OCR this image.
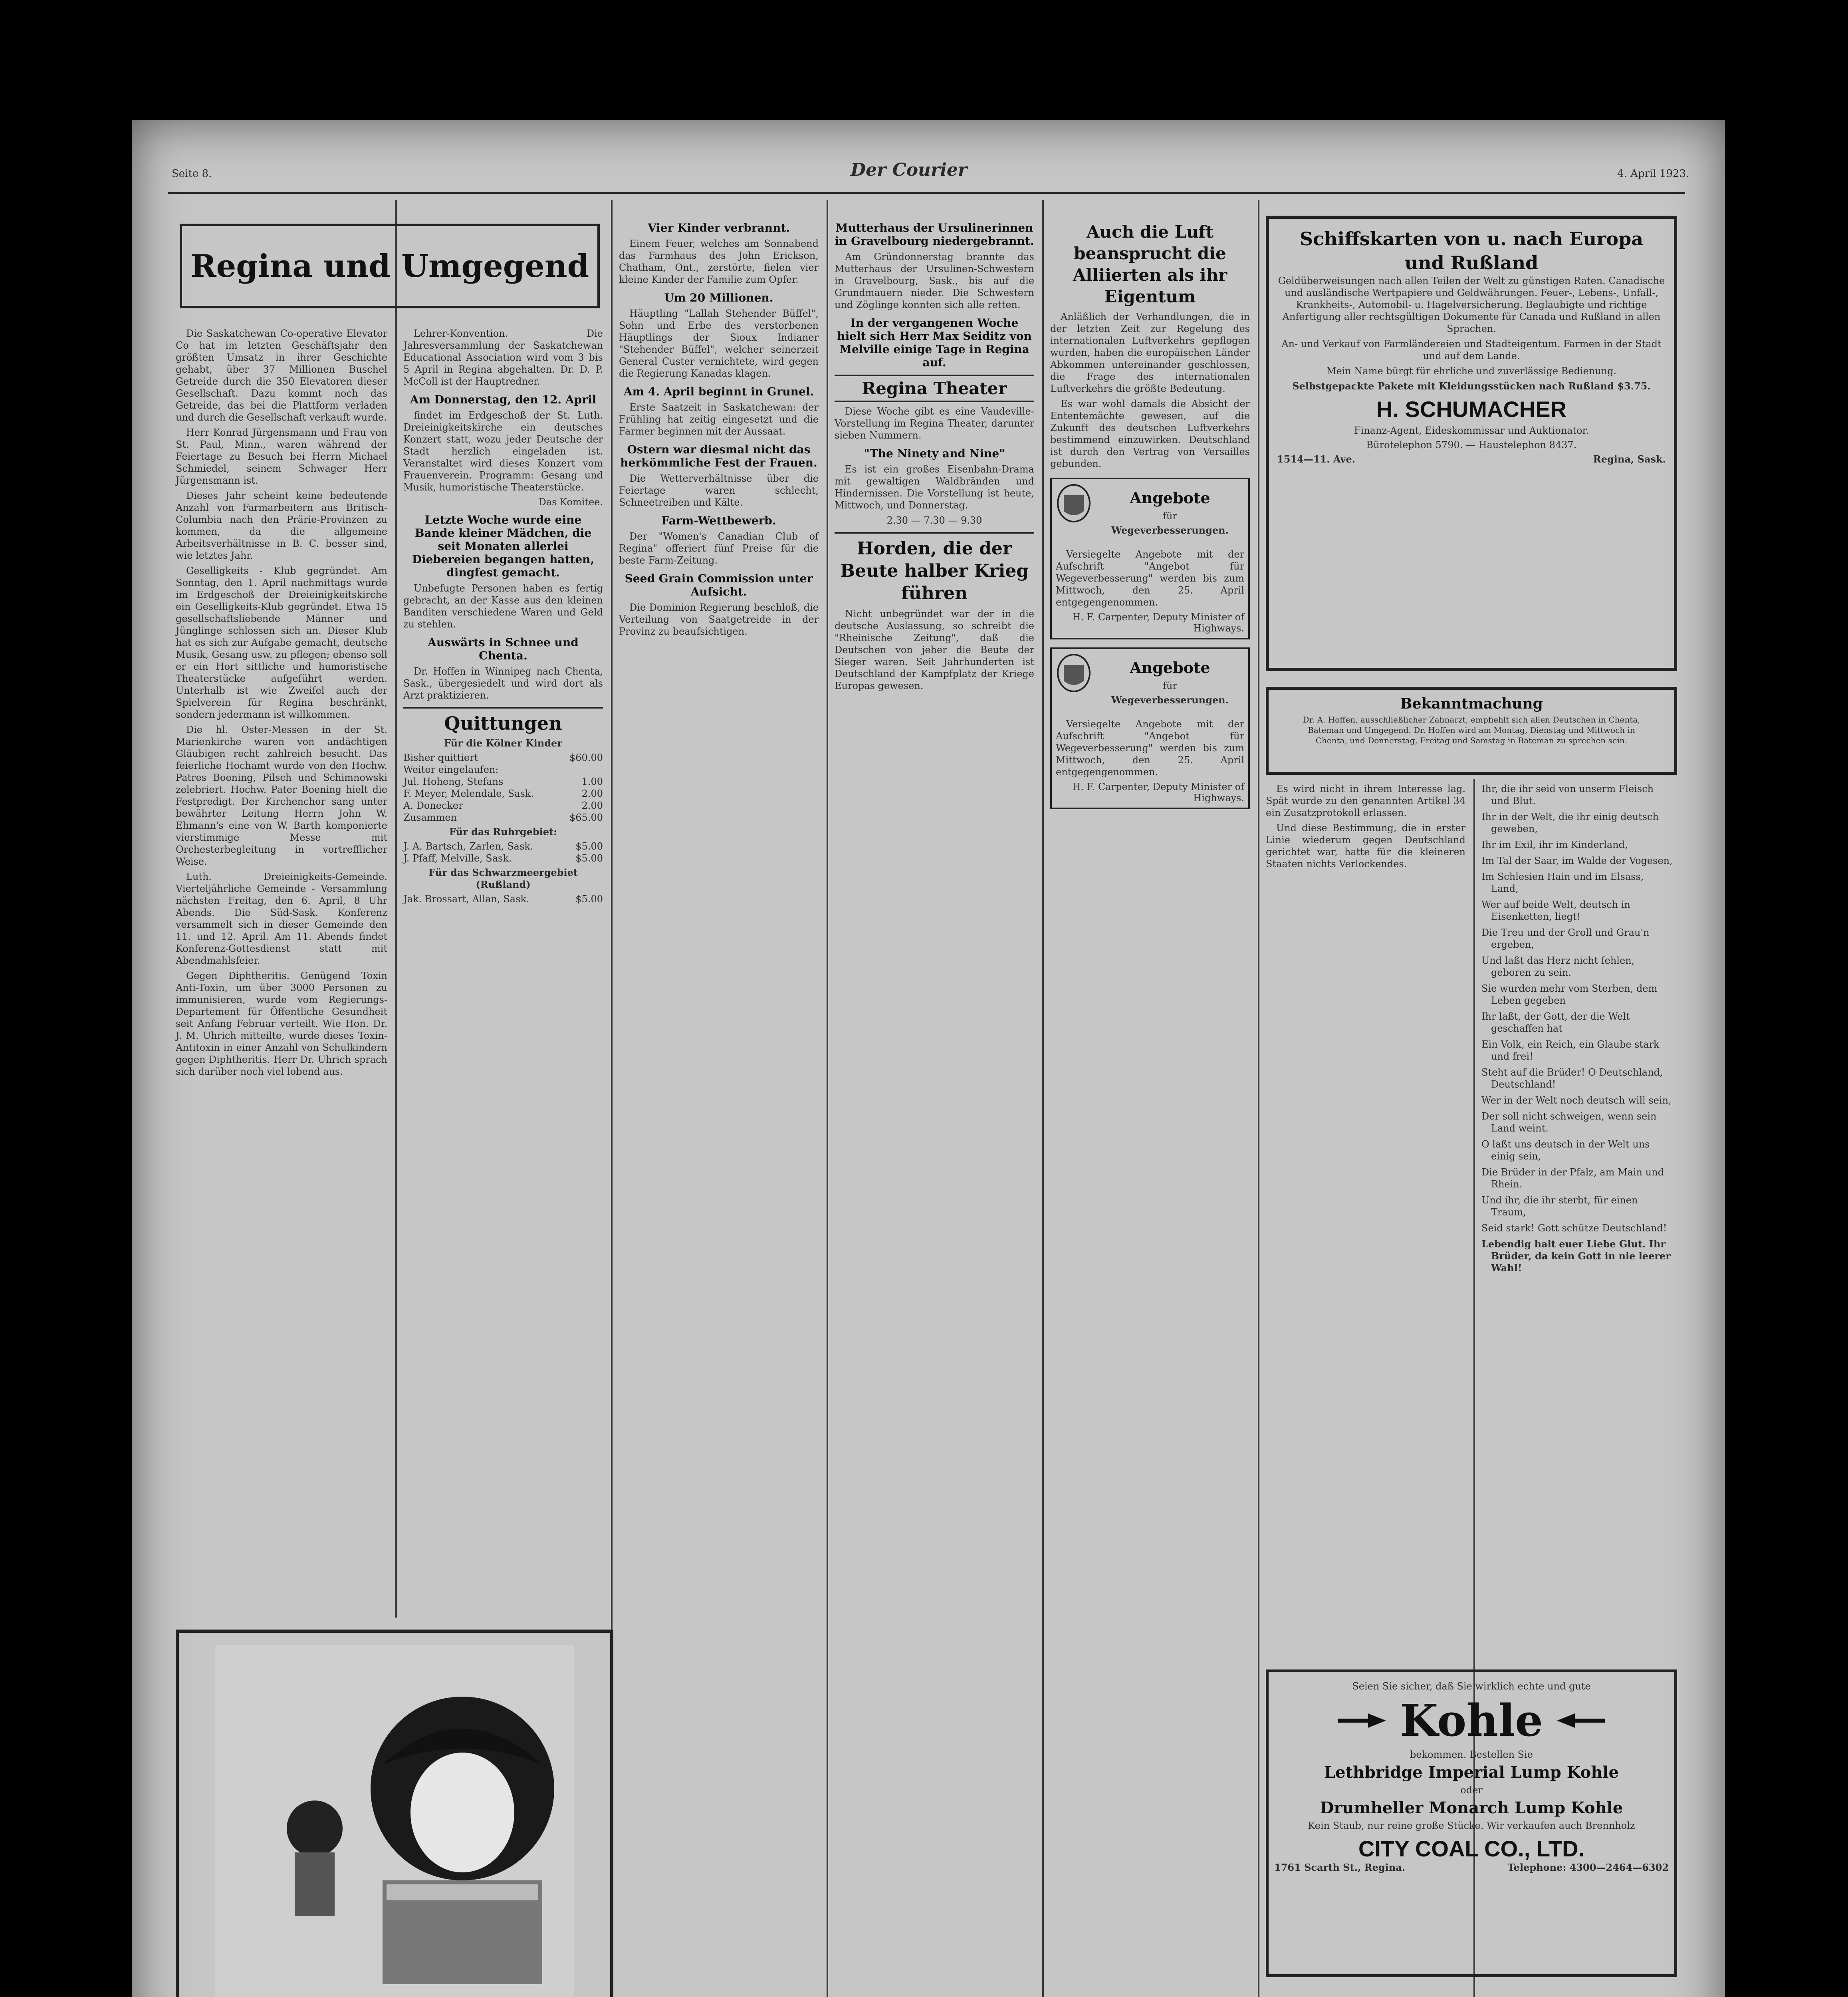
Seite 8.	Der Courier	4. April 1923.
Regina und Umgegend

Die Saskatchewan Co-operative Elevator Co hat im letzten Geschäftsjahr den größten Umsatz in ihrer Geschichte gehabt, über 37 Millionen Buschel Getreide durch die 350 Elevatoren dieser Gesellschaft. Dazu kommt noch das Getreide, das bei die Plattform verladen und durch die Gesellschaft verkauft wurde.

Herr Konrad Jürgensmann und Frau von St. Paul, Minn., waren während der Feiertage zu Besuch bei Herrn Michael Schmiedel, seinem Schwager Herr Jürgensmann ist.

Dieses Jahr scheint keine bedeutende Anzahl von Farmarbeitern aus Britisch-Columbia nach den Prärie-Provinzen zu kommen, da die allgemeine Arbeitsverhältnisse in B. C. besser sind, wie letztes Jahr.

Geselligkeits - Klub gegründet. Am Sonntag, den 1. April nachmittags wurde im Erdgeschoß der Dreieinigkeitskirche ein Geselligkeits-Klub gegründet. Etwa 15 gesellschaftsliebende Männer und Jünglinge schlossen sich an. Dieser Klub hat es sich zur Aufgabe gemacht, deutsche Musik, Gesang usw. zu pflegen; ebenso soll er ein Hort sittliche und humoristische Theaterstücke aufgeführt werden. Unterhalb ist wie Zweifel auch der Spielverein für Regina beschränkt, sondern jedermann ist willkommen.

Die hl. Oster-Messen in der St. Marienkirche waren von andächtigen Gläubigen recht zahlreich besucht. Das feierliche Hochamt wurde von den Hochw. Patres Boening, Pilsch und Schimnowski zelebriert. Hochw. Pater Boening hielt die Festpredigt. Der Kirchenchor sang unter bewährter Leitung Herrn John W. Ehmann's eine von W. Barth komponierte vierstimmige Messe mit Orchesterbegleitung in vortrefflicher Weise.

Luth. Dreieinigkeits-Gemeinde. Vierteljährliche Gemeinde - Versammlung nächsten Freitag, den 6. April, 8 Uhr Abends. Die Süd-Sask. Konferenz versammelt sich in dieser Gemeinde den 11. und 12. April. Am 11. Abends findet Konferenz-Gottesdienst statt mit Abendmahlsfeier.

Gegen Diphtheritis. Genügend Toxin Anti-Toxin, um über 3000 Personen zu immunisieren, wurde vom Regierungs-Departement für Öffentliche Gesundheit seit Anfang Februar verteilt. Wie Hon. Dr. J. M. Uhrich mitteilte, wurde dieses Toxin-Antitoxin in einer Anzahl von Schulkindern gegen Diphtheritis. Herr Dr. Uhrich sprach sich darüber noch viel lobend aus.

Lehrer-Konvention. Die Jahresversammlung der Saskatchewan Educational Association wird vom 3 bis 5 April in Regina abgehalten. Dr. D. P. McColl ist der Hauptredner.

Am Donnerstag, den 12. April

findet im Erdgeschoß der St. Luth. Dreieinigkeitskirche ein deutsches Konzert statt, wozu jeder Deutsche der Stadt herzlich eingeladen ist. Veranstaltet wird dieses Konzert vom Frauenverein. Programm: Gesang und Musik, humoristische Theaterstücke.

Das Komitee.
Letzte Woche wurde eine Bande kleiner Mädchen, die seit Monaten allerlei Diebereien begangen hatten, dingfest gemacht.

Unbefugte Personen haben es fertig gebracht, an der Kasse aus den kleinen Banditen verschiedene Waren und Geld zu stehlen.

Auswärts in Schnee und Chenta.

Dr. Hoffen in Winnipeg nach Chenta, Sask., übergesiedelt und wird dort als Arzt praktizieren.

Quittungen
Für die Kölner Kinder
Bisher quittiert	$60.00
Weiter eingelaufen:
Jul. Hoheng, Stefans	1.00
F. Meyer, Melendale, Sask.	2.00
A. Donecker	2.00
Zusammen	$65.00
Für das Ruhrgebiet:
J. A. Bartsch, Zarlen, Sask.	$5.00
J. Pfaff, Melville, Sask.	$5.00
Für das Schwarzmeergebiet (Rußland)
Jak. Brossart, Allan, Sask.	$5.00
Vier Kinder verbrannt.

Einem Feuer, welches am Sonnabend das Farmhaus des John Erickson, Chatham, Ont., zerstörte, fielen vier kleine Kinder der Familie zum Opfer.

Um 20 Millionen.

Häuptling "Lallah Stehender Büffel", Sohn und Erbe des verstorbenen Häuptlings der Sioux Indianer "Stehender Büffel", welcher seinerzeit General Custer vernichtete, wird gegen die Regierung Kanadas klagen.

Am 4. April beginnt in Grunel.

Erste Saatzeit in Saskatchewan: der Frühling hat zeitig eingesetzt und die Farmer beginnen mit der Aussaat.

Ostern war diesmal nicht das herkömmliche Fest der Frauen.

Die Wetterverhältnisse über die Feiertage waren schlecht, Schneetreiben und Kälte.

Farm-Wettbewerb.

Der "Women's Canadian Club of Regina" offeriert fünf Preise für die beste Farm-Zeitung.

Seed Grain Commission unter Aufsicht.

Die Dominion Regierung beschloß, die Verteilung von Saatgetreide in der Provinz zu beaufsichtigen.

Mutterhaus der Ursulinerinnen in Gravelbourg niedergebrannt.

Am Gründonnerstag brannte das Mutterhaus der Ursulinen-Schwestern in Gravelbourg, Sask., bis auf die Grundmauern nieder. Die Schwestern und Zöglinge konnten sich alle retten.

In der vergangenen Woche hielt sich Herr Max Seiditz von Melville einige Tage in Regina auf.
Regina Theater

Diese Woche gibt es eine Vaudeville-Vorstellung im Regina Theater, darunter sieben Nummern.

"The Ninety and Nine"

Es ist ein großes Eisenbahn-Drama mit gewaltigen Waldbränden und Hindernissen. Die Vorstellung ist heute, Mittwoch, und Donnerstag.

2.30 — 7.30 — 9.30
Horden, die der Beute halber Krieg führen

Nicht unbegründet war der in die deutsche Auslassung, so schreibt die "Rheinische Zeitung", daß die Deutschen von jeher die Beute der Sieger waren. Seit Jahrhunderten ist Deutschland der Kampfplatz der Kriege Europas gewesen.

Auch die Luft beansprucht die Alliierten als ihr Eigentum

Anläßlich der Verhandlungen, die in der letzten Zeit zur Regelung des internationalen Luftverkehrs gepflogen wurden, haben die europäischen Länder Abkommen untereinander geschlossen, die Frage des internationalen Luftverkehrs die größte Bedeutung.

Es war wohl damals die Absicht der Ententemächte gewesen, auf die Zukunft des deutschen Luftverkehrs bestimmend einzuwirken. Deutschland ist durch den Vertrag von Versailles gebunden.

Angebote
für
Wegeverbesserungen.

Versiegelte Angebote mit der Aufschrift "Angebot für Wegeverbesserung" werden bis zum Mittwoch, den 25. April entgegengenommen.

H. F. Carpenter, Deputy Minister of Highways.
Angebote
für
Wegeverbesserungen.

Versiegelte Angebote mit der Aufschrift "Angebot für Wegeverbesserung" werden bis zum Mittwoch, den 25. April entgegengenommen.

H. F. Carpenter, Deputy Minister of Highways.
Schiffskarten von u. nach Europa und Rußland

Geldüberweisungen nach allen Teilen der Welt zu günstigen Raten. Canadische und ausländische Wertpapiere und Geldwährungen. Feuer-, Lebens-, Unfall-, Krankheits-, Automobil- u. Hagelversicherung. Beglaubigte und richtige Anfertigung aller rechtsgültigen Dokumente für Canada und Rußland in allen Sprachen.

An- und Verkauf von Farmländereien und Stadteigentum. Farmen in der Stadt und auf dem Lande.

Mein Name bürgt für ehrliche und zuverlässige Bedienung.

Selbstgepackte Pakete mit Kleidungsstücken nach Rußland $3.75.

H. SCHUMACHER
Finanz-Agent, Eideskommissar und Auktionator.
Bürotelephon 5790. — Haustelephon 8437.
1514—11. Ave.	Regina, Sask.
Bekanntmachung

Dr. A. Hoffen, ausschließlicher Zahnarzt, empfiehlt sich allen Deutschen in Chenta, Bateman und Umgegend. Dr. Hoffen wird am Montag, Dienstag und Mittwoch in Chenta, und Donnerstag, Freitag und Samstag in Bateman zu sprechen sein.

Es wird nicht in ihrem Interesse lag. Spät wurde zu den genannten Artikel 34 ein Zusatzprotokoll erlassen.

Und diese Bestimmung, die in erster Linie wiederum gegen Deutschland gerichtet war, hatte für die kleineren Staaten nichts Verlockendes.

Ihr, die ihr seid von unserm Fleisch und Blut.

Ihr in der Welt, die ihr einig deutsch geweben,

Ihr im Exil, ihr im Kinderland,

Im Tal der Saar, im Walde der Vogesen,

Im Schlesien Hain und im Elsass, Land,

Wer auf beide Welt, deutsch in Eisenketten, liegt!

Die Treu und der Groll und Grau'n ergeben,

Und laßt das Herz nicht fehlen, geboren zu sein.

Sie wurden mehr vom Sterben, dem Leben gegeben

Ihr laßt, der Gott, der die Welt geschaffen hat

Ein Volk, ein Reich, ein Glaube stark und frei!

Steht auf die Brüder! O Deutschland, Deutschland!

Wer in der Welt noch deutsch will sein,

Der soll nicht schweigen, wenn sein Land weint.

O laßt uns deutsch in der Welt uns einig sein,

Die Brüder in der Pfalz, am Main und Rhein.

Und ihr, die ihr sterbt, für einen Traum,

Seid stark! Gott schütze Deutschland!

Lebendig halt euer Liebe Glut. Ihr Brüder, da kein Gott in nie leerer Wahl!

Seien Sie sicher, daß Sie wirklich echte und gute
Kohle
bekommen. Bestellen Sie
Lethbridge Imperial Lump Kohle
oder
Drumheller Monarch Lump Kohle
Kein Staub, nur reine große Stücke. Wir verkaufen auch Brennholz
CITY COAL CO., LTD.
1761 Scarth St., Regina.	Telephone: 4300—2464—6302
